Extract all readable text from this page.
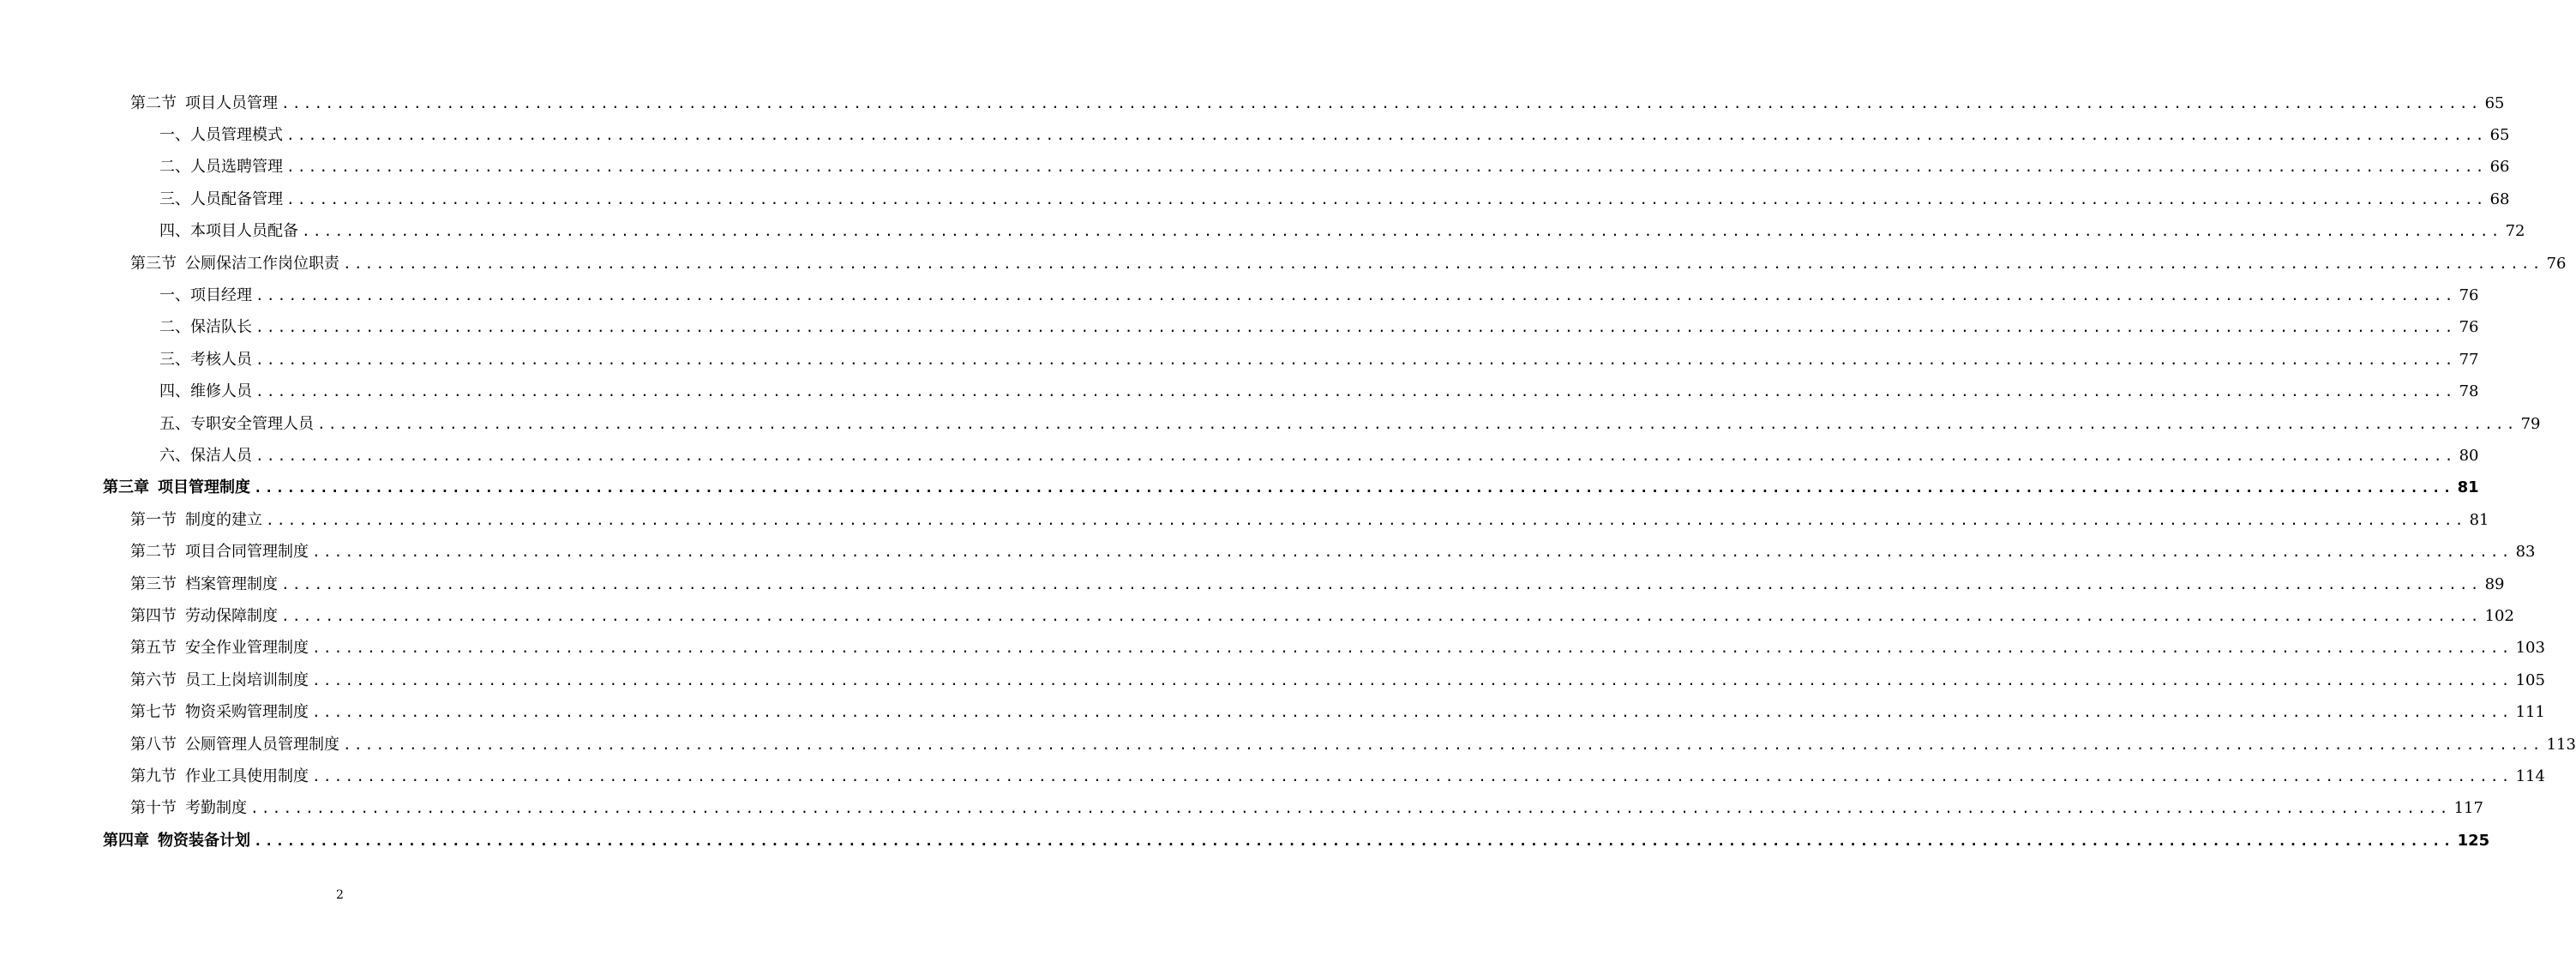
第二节 项目人员管理 ........................................................................................................................................................................................................ 65
一、人员管理模式 ........................................................................................................................................................................................................ 65
二、人员选聘管理 ........................................................................................................................................................................................................ 66
三、人员配备管理 ........................................................................................................................................................................................................ 68
四、本项目人员配备 ........................................................................................................................................................................................................ 72
第三节 公厕保洁工作岗位职责 ........................................................................................................................................................................................................ 76
一、项目经理 ........................................................................................................................................................................................................ 76
二、保洁队长 ........................................................................................................................................................................................................ 76
三、考核人员 ........................................................................................................................................................................................................ 77
四、维修人员 ........................................................................................................................................................................................................ 78
五、专职安全管理人员 ........................................................................................................................................................................................................ 79
六、保洁人员 ........................................................................................................................................................................................................ 80
第三章 项目管理制度 ........................................................................................................................................................................................................ 81
第一节 制度的建立 ........................................................................................................................................................................................................ 81
第二节 项目合同管理制度 ........................................................................................................................................................................................................ 83
第三节 档案管理制度 ........................................................................................................................................................................................................ 89
第四节 劳动保障制度 ........................................................................................................................................................................................................ 102
第五节 安全作业管理制度 ........................................................................................................................................................................................................ 103
第六节 员工上岗培训制度 ........................................................................................................................................................................................................ 105
第七节 物资采购管理制度 ........................................................................................................................................................................................................ 111
第八节 公厕管理人员管理制度 ........................................................................................................................................................................................................ 113
第九节 作业工具使用制度 ........................................................................................................................................................................................................ 114
第十节 考勤制度 ........................................................................................................................................................................................................ 117
第四章 物资装备计划 ........................................................................................................................................................................................................ 125
2
